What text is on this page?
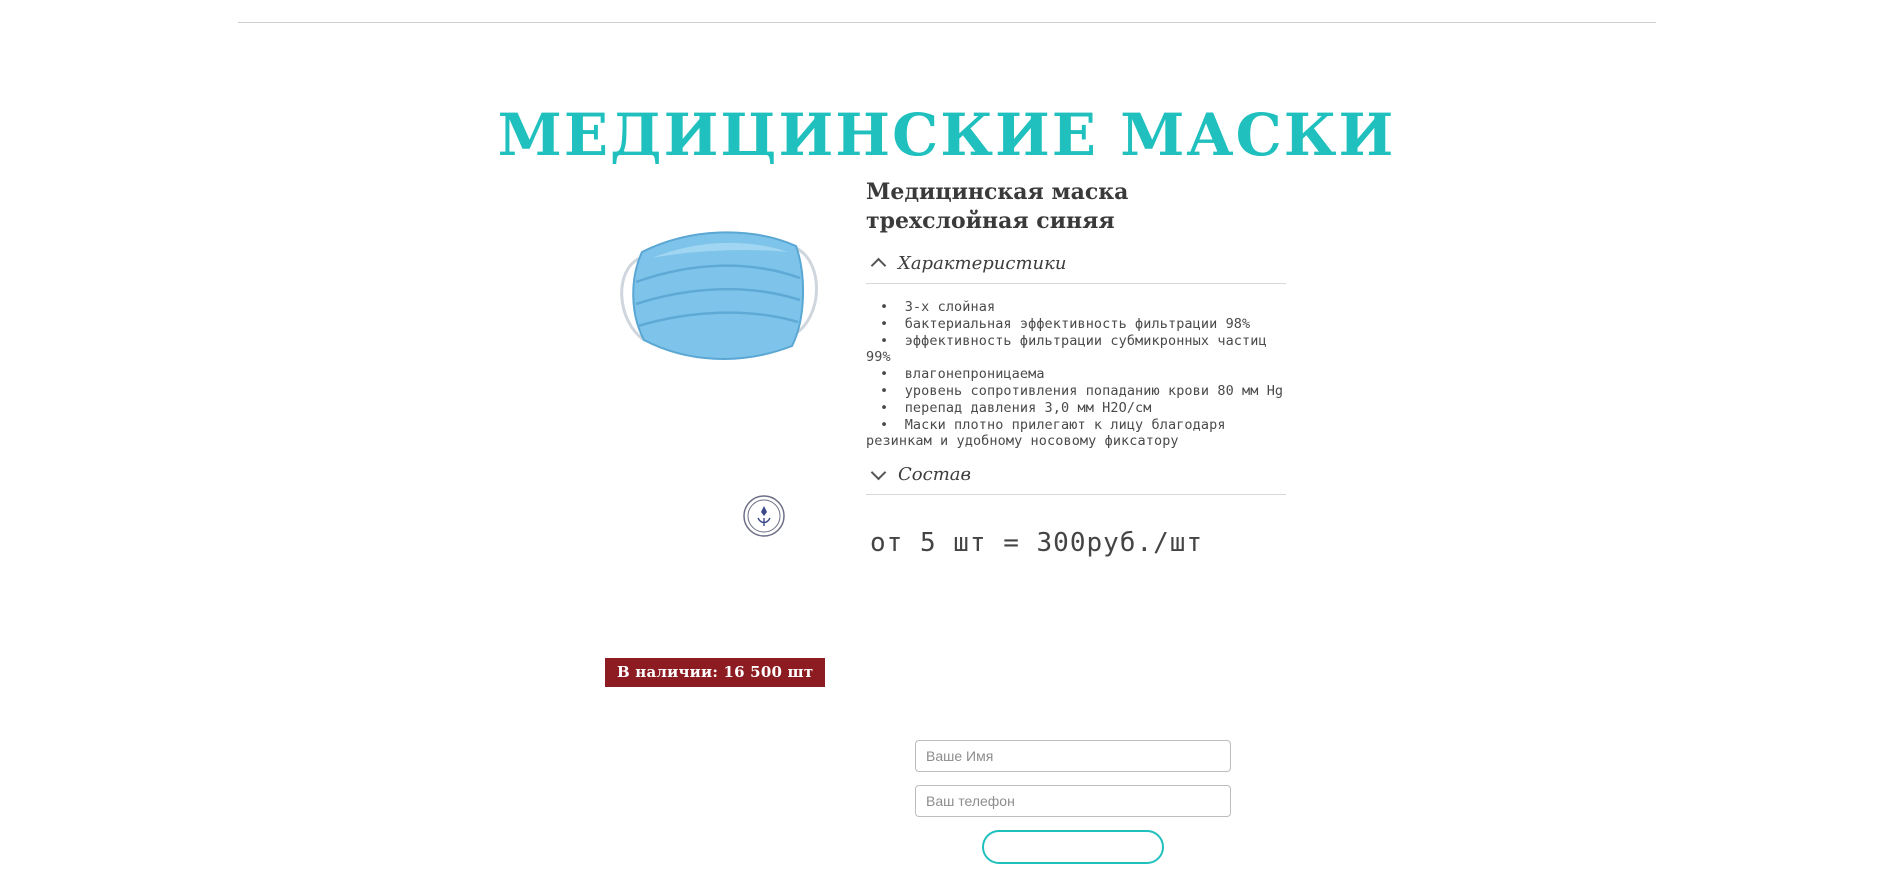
МЕДИЦИНСКИЕ МАСКИ
В наличии: 16 500 шт
Медицинская маска трехслойная синяя
Характеристики
•  3-х слойная
•  бактериальная эффективность фильтрации 98%
•  эффективность фильтрации субмикронных частиц 99%
•  влагонепроницаема
•  уровень сопротивления попаданию крови 80 мм Hg
•  перепад давления 3,0 мм H2O/см
•  Маски плотно прилегают к лицу благодаря резинкам и удобному носовому фиксатору
Состав
от 5 шт = 300руб./шт
Ваше Имя
Ваш телефон
